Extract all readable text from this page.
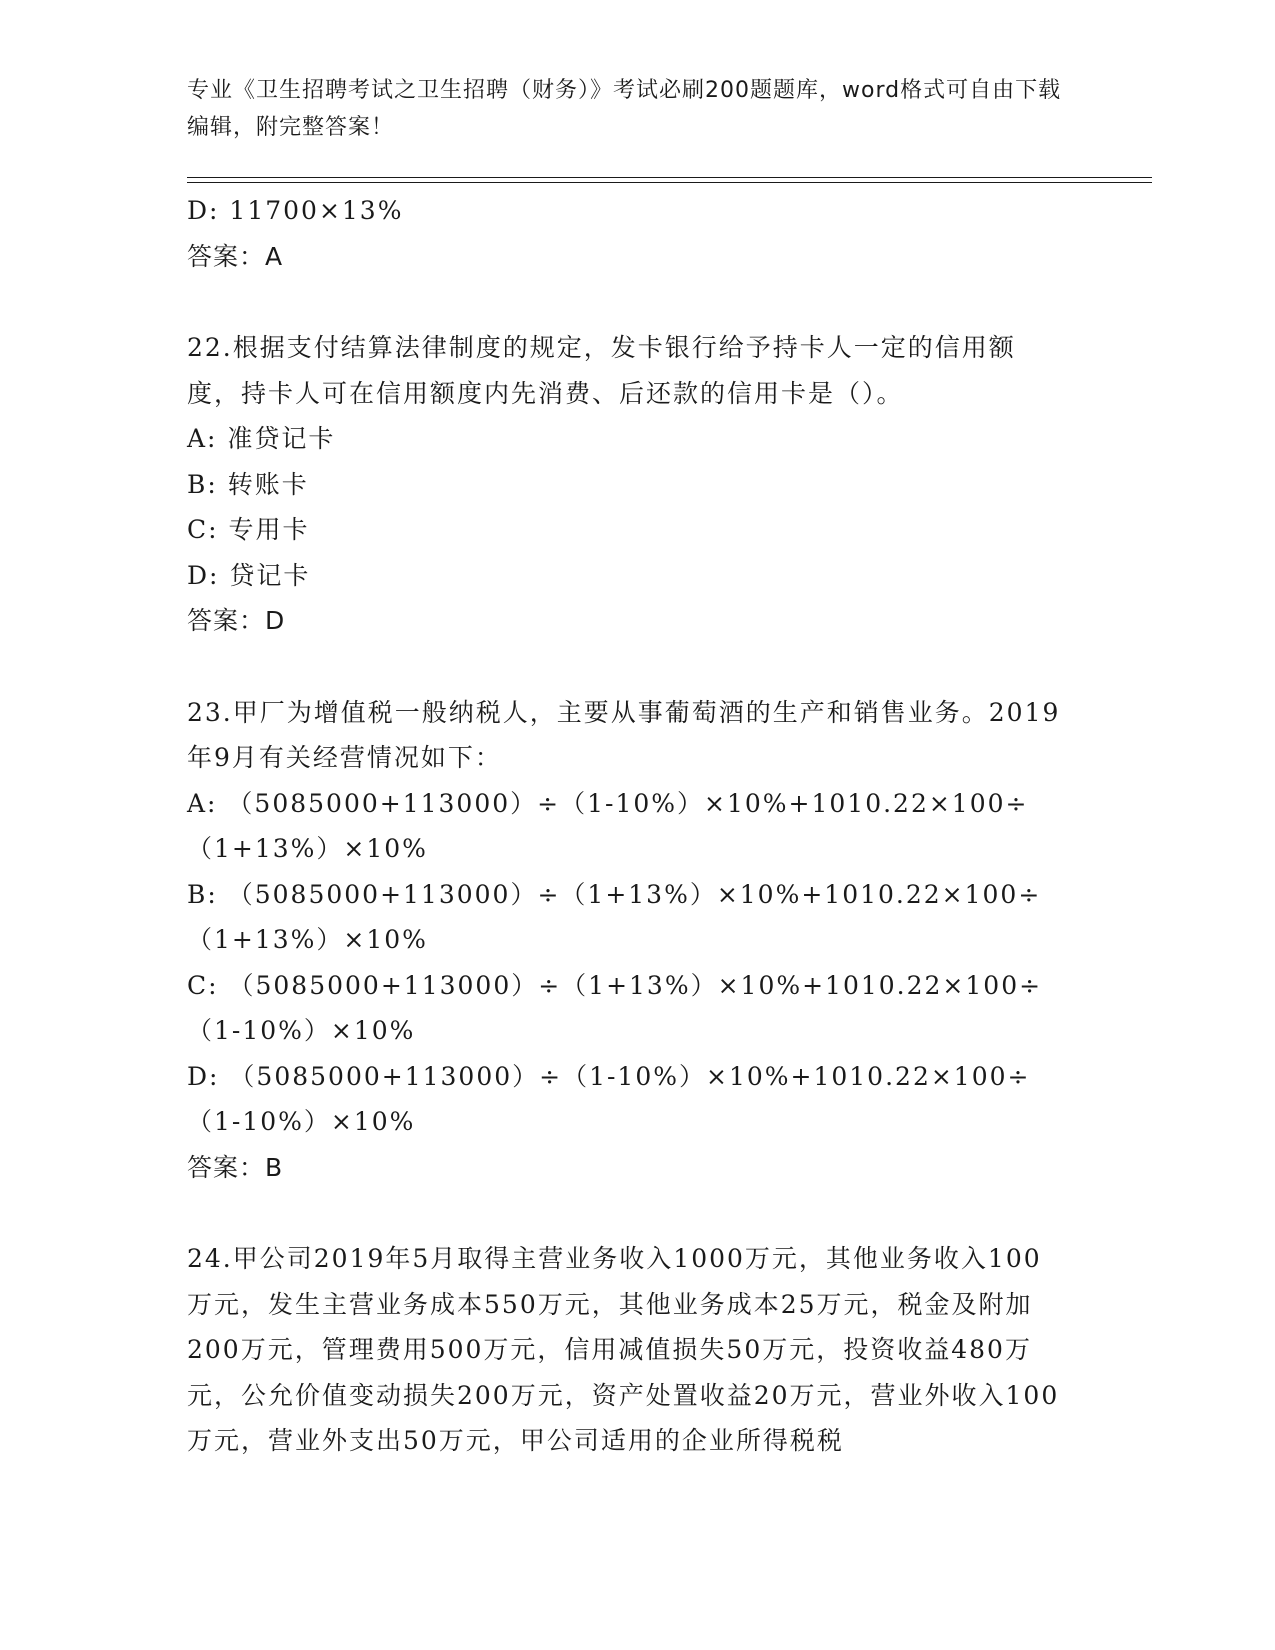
专业《卫生招聘考试之卫生招聘（财务）》考试必刷200题题库，word格式可自由下载编辑，附完整答案！
D: 11700×13%
答案：A
22.根据支付结算法律制度的规定，发卡银行给予持卡人一定的信用额度，持卡人可在信用额度内先消费、后还款的信用卡是（）。
A: 准贷记卡
B: 转账卡
C: 专用卡
D: 贷记卡
答案：D
23.甲厂为增值税一般纳税人，主要从事葡萄酒的生产和销售业务。2019年9月有关经营情况如下：
A: （5085000+113000）÷（1-10%）×10%+1010.22×100÷（1+13%）×10%
B: （5085000+113000）÷（1+13%）×10%+1010.22×100÷（1+13%）×10%
C: （5085000+113000）÷（1+13%）×10%+1010.22×100÷（1-10%）×10%
D: （5085000+113000）÷（1-10%）×10%+1010.22×100÷（1-10%）×10%
答案：B
24.甲公司2019年5月取得主营业务收入1000万元，其他业务收入100万元，发生主营业务成本550万元，其他业务成本25万元，税金及附加200万元，管理费用500万元，信用减值损失50万元，投资收益480万元，公允价值变动损失200万元，资产处置收益20万元，营业外收入100万元，营业外支出50万元，甲公司适用的企业所得税税
